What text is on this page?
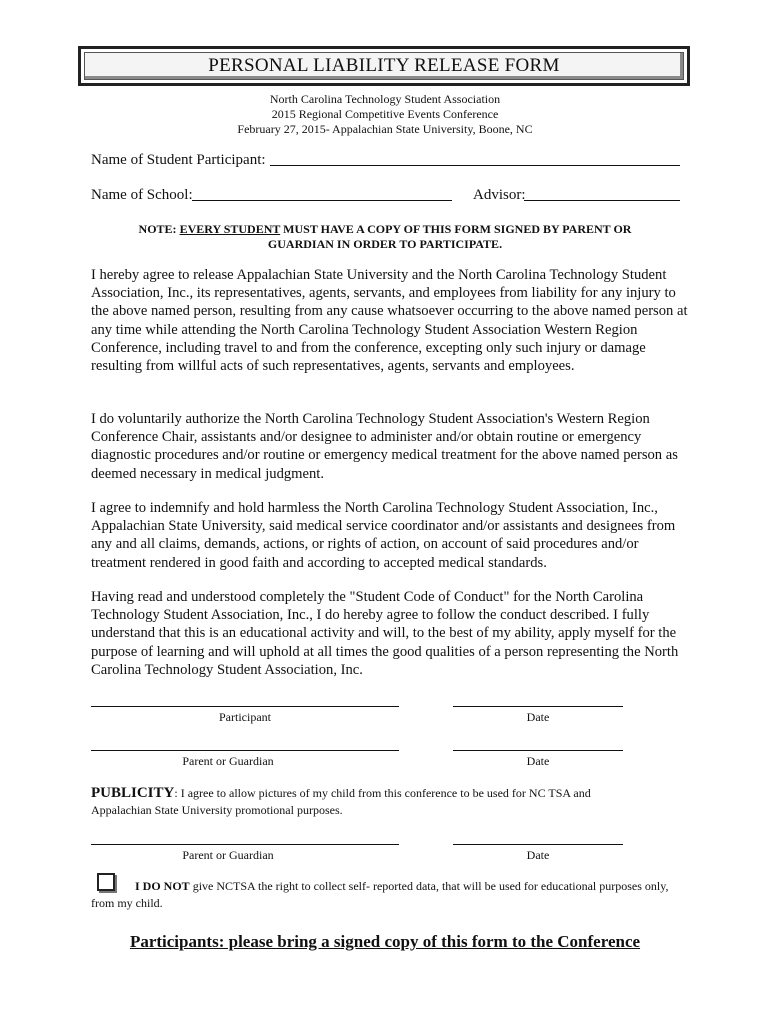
PERSONAL LIABILITY RELEASE FORM
North Carolina Technology Student Association
2015 Regional Competitive Events Conference
February 27, 2015- Appalachian State University, Boone, NC
Name of Student Participant:
Name of School:	Advisor:
NOTE: EVERY STUDENT MUST HAVE A COPY OF THIS FORM SIGNED BY PARENT OR GUARDIAN IN ORDER TO PARTICIPATE.
I hereby agree to release Appalachian State University and the North Carolina Technology Student Association, Inc., its representatives, agents, servants, and employees from liability for any injury to the above named person, resulting from any cause whatsoever occurring to the above named person at any time while attending the North Carolina Technology Student Association Western Region Conference, including travel to and from the conference, excepting only such injury or damage resulting from willful acts of such representatives, agents, servants and employees.
I do voluntarily authorize the North Carolina Technology Student Association's Western Region Conference Chair, assistants and/or designee to administer and/or obtain routine or emergency diagnostic procedures and/or routine or emergency medical treatment for the above named person as deemed necessary in medical judgment.
I agree to indemnify and hold harmless the North Carolina Technology Student Association, Inc., Appalachian State University, said medical service coordinator and/or assistants and designees from any and all claims, demands, actions, or rights of action, on account of said procedures and/or treatment rendered in good faith and according to accepted medical standards.
Having read and understood completely the "Student Code of Conduct" for the North Carolina Technology Student Association, Inc., I do hereby agree to follow the conduct described. I fully understand that this is an educational activity and will, to the best of my ability, apply myself for the purpose of learning and will uphold at all times the good qualities of a person representing the North Carolina Technology Student Association, Inc.
Participant	Date
Parent or Guardian	Date
PUBLICITY: I agree to allow pictures of my child from this conference to be used for NC TSA and Appalachian State University promotional purposes.
Parent or Guardian	Date
I DO NOT give NCTSA the right to collect self- reported data, that will be used for educational purposes only, from my child.
Participants: please bring a signed copy of this form to the Conference
